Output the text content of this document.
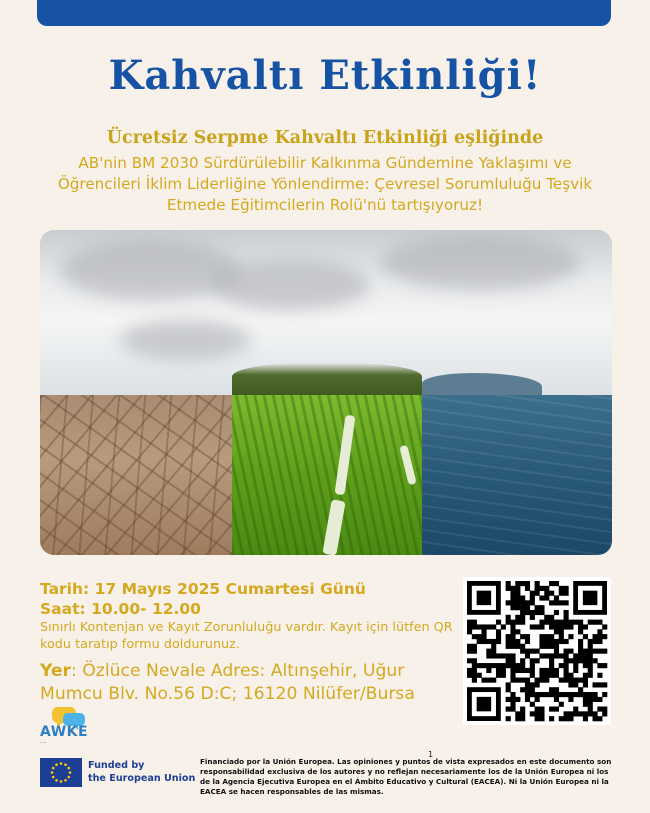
Kahvaltı Etkinliği!
Ücretsiz Serpme Kahvaltı Etkinliği eşliğinde
AB'nin BM 2030 Sürdürülebilir Kalkınma Gündemine Yaklaşımı ve Öğrencileri İklim Liderliğine Yönlendirme: Çevresel Sorumluluğu Teşvik Etmede Eğitimcilerin Rolü'nü tartışıyoruz!
Tarih: 17 Mayıs 2025 Cumartesi Günü
Saat: 10.00- 12.00
Sınırlı Kontenjan ve Kayıt Zorunluluğu vardır. Kayıt için lütfen QR kodu taratıp formu doldurunuz.
Yer: Özlüce Nevale Adres: Altınşehir, Uğur Mumcu Blv. No.56 D:C; 16120 Nilüfer/Bursa
AWKE
·····
1
Funded by
the European Union
Financiado por la Unión Europea. Las opiniones y puntos de vista expresados en este documento son responsabilidad exclusiva de los autores y no reflejan necesariamente los de la Unión Europea ni los de la Agencia Ejecutiva Europea en el Ámbito Educativo y Cultural (EACEA). Ni la Unión Europea ni la EACEA se hacen responsables de las mismas.
